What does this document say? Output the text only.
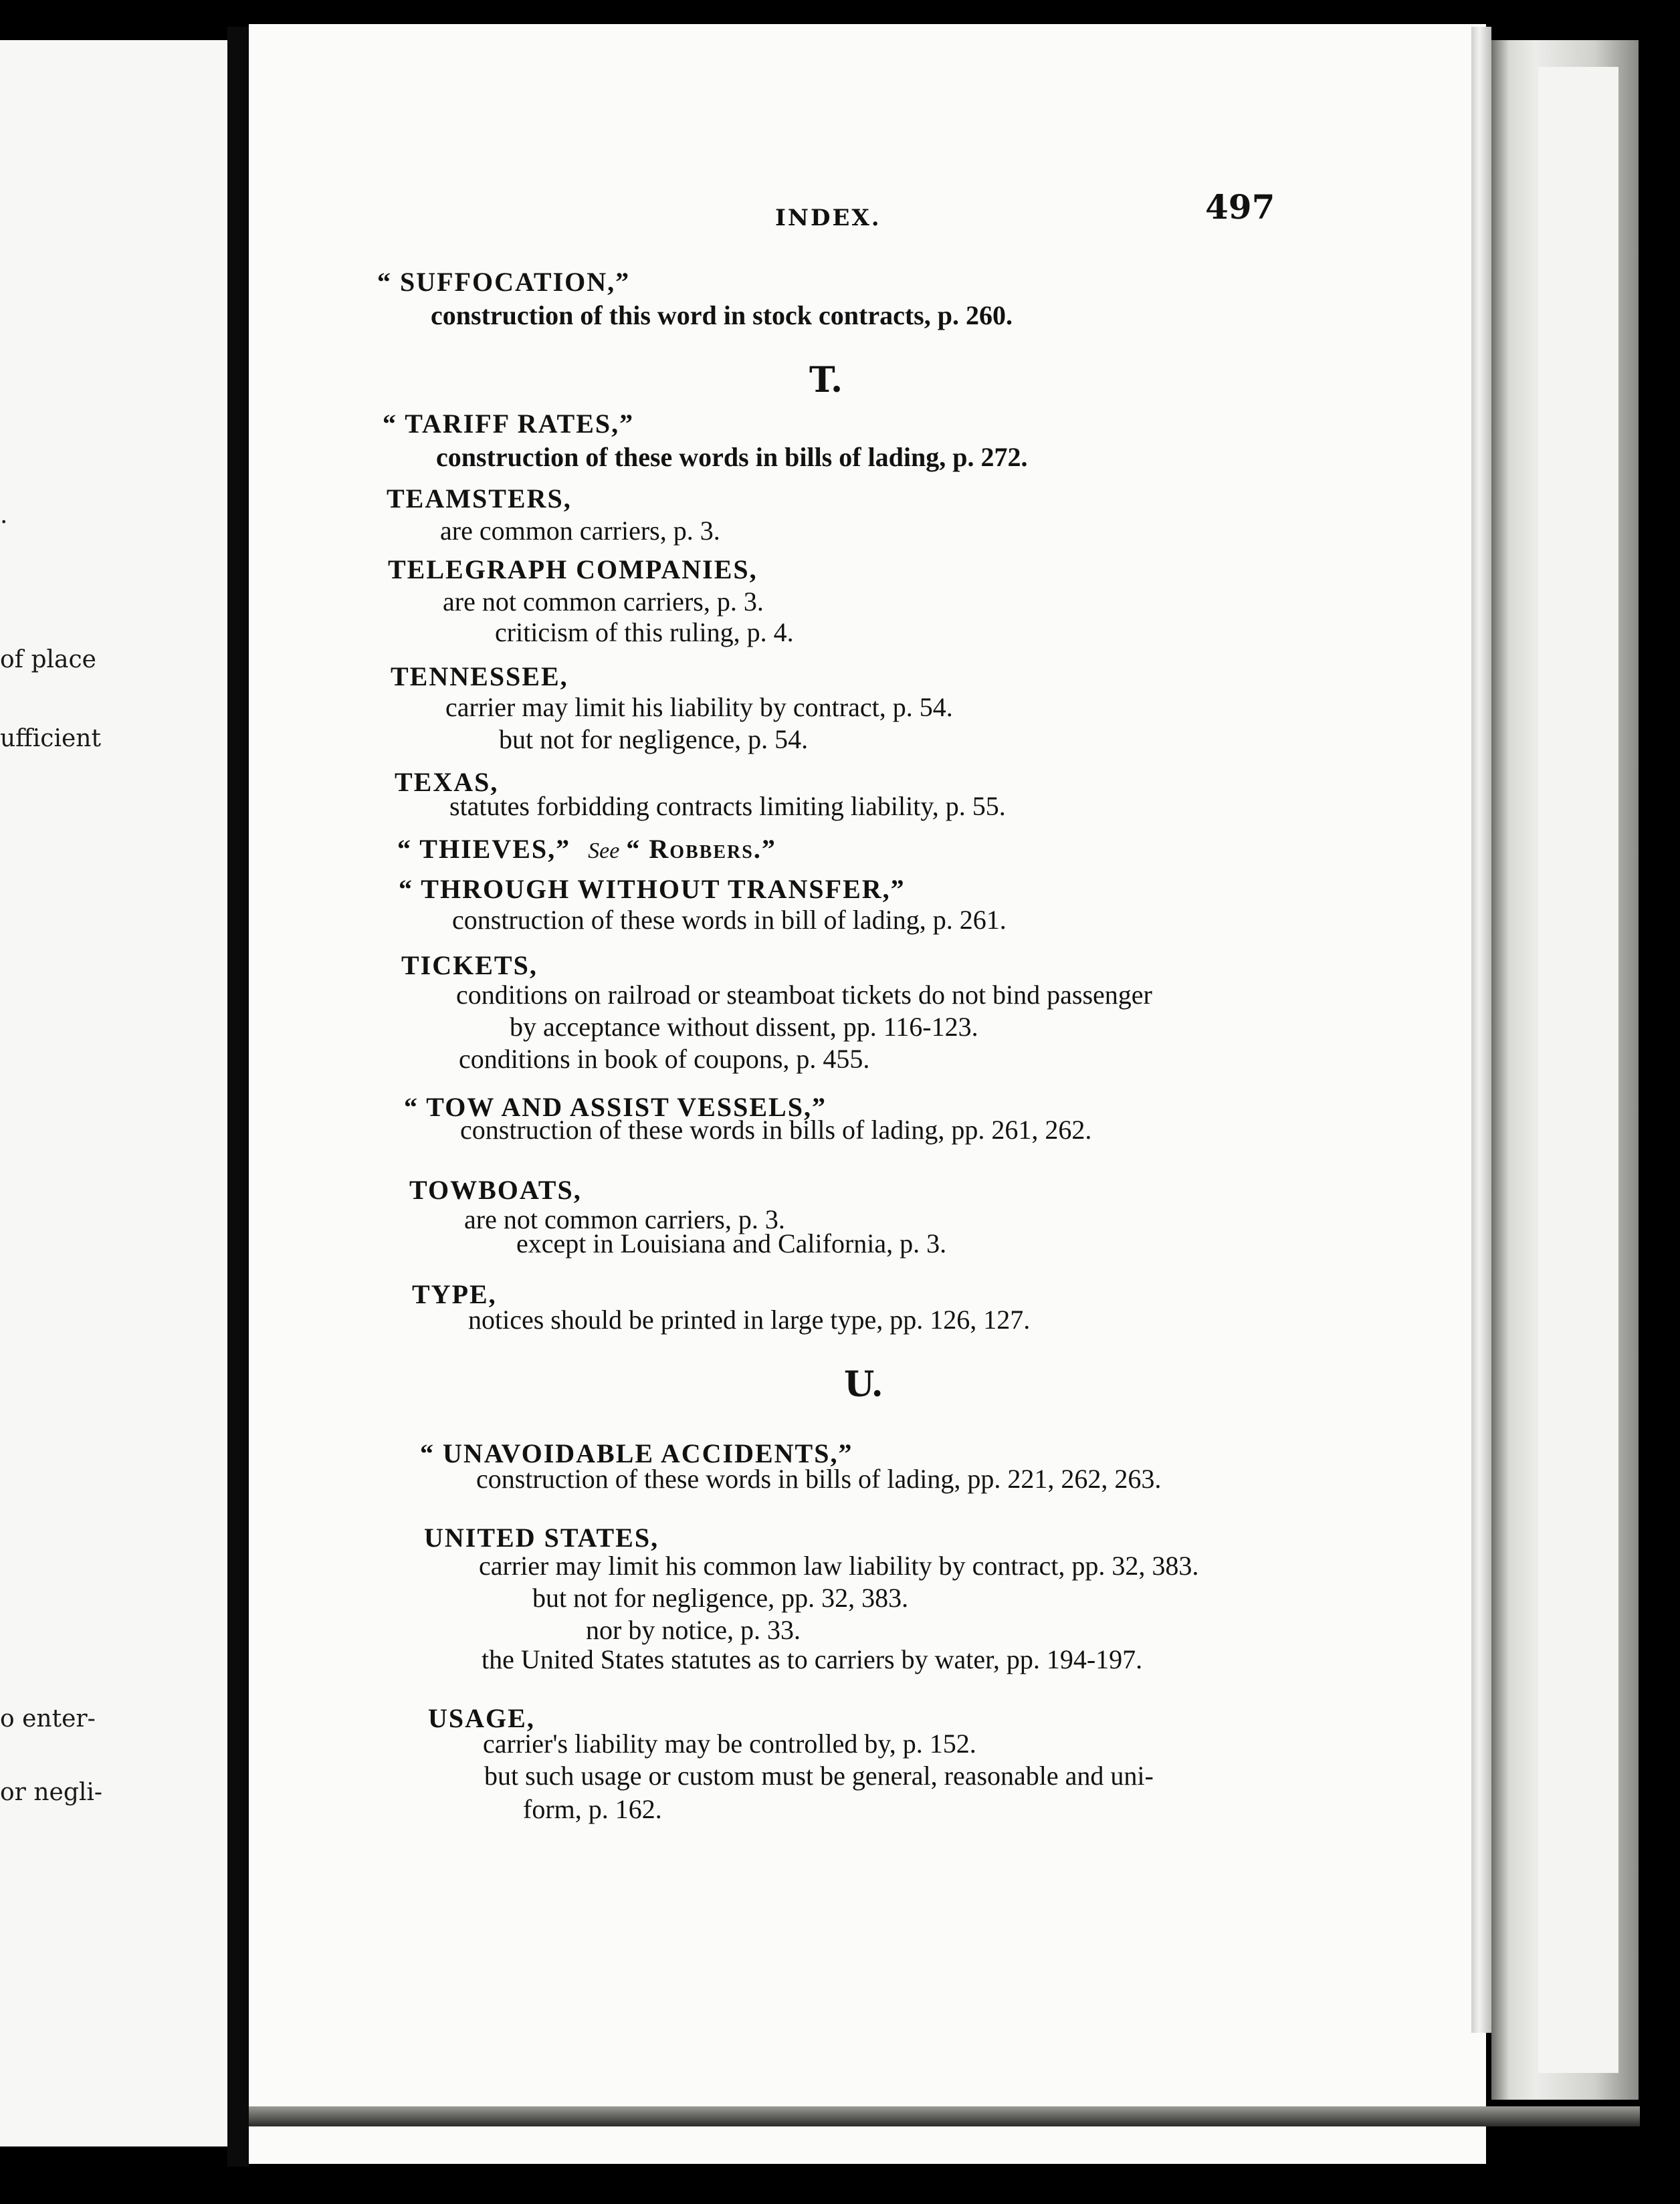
.
of place
ufficient
o enter-
or negli-
INDEX.	497
“ SUFFOCATION,”
construction of this word in stock contracts, p. 260.
T.
“ TARIFF RATES,”
construction of these words in bills of lading, p. 272.
TEAMSTERS,
are common carriers, p. 3.
TELEGRAPH COMPANIES,
are not common carriers, p. 3.
criticism of this ruling, p. 4.
TENNESSEE,
carrier may limit his liability by contract, p. 54.
but not for negligence, p. 54.
TEXAS,
statutes forbidding contracts limiting liability, p. 55.
“ THIEVES,” See “ Robbers.”
“ THROUGH WITHOUT TRANSFER,”
construction of these words in bill of lading, p. 261.
TICKETS,
conditions on railroad or steamboat tickets do not bind passenger
by acceptance without dissent, pp. 116-123.
conditions in book of coupons, p. 455.
“ TOW AND ASSIST VESSELS,”
construction of these words in bills of lading, pp. 261, 262.
TOWBOATS,
are not common carriers, p. 3.
except in Louisiana and California, p. 3.
TYPE,
notices should be printed in large type, pp. 126, 127.
U.
“ UNAVOIDABLE ACCIDENTS,”
construction of these words in bills of lading, pp. 221, 262, 263.
UNITED STATES,
carrier may limit his common law liability by contract, pp. 32, 383.
but not for negligence, pp. 32, 383.
nor by notice, p. 33.
the United States statutes as to carriers by water, pp. 194-197.
USAGE,
carrier's liability may be controlled by, p. 152.
but such usage or custom must be general, reasonable and uni-
form, p. 162.
